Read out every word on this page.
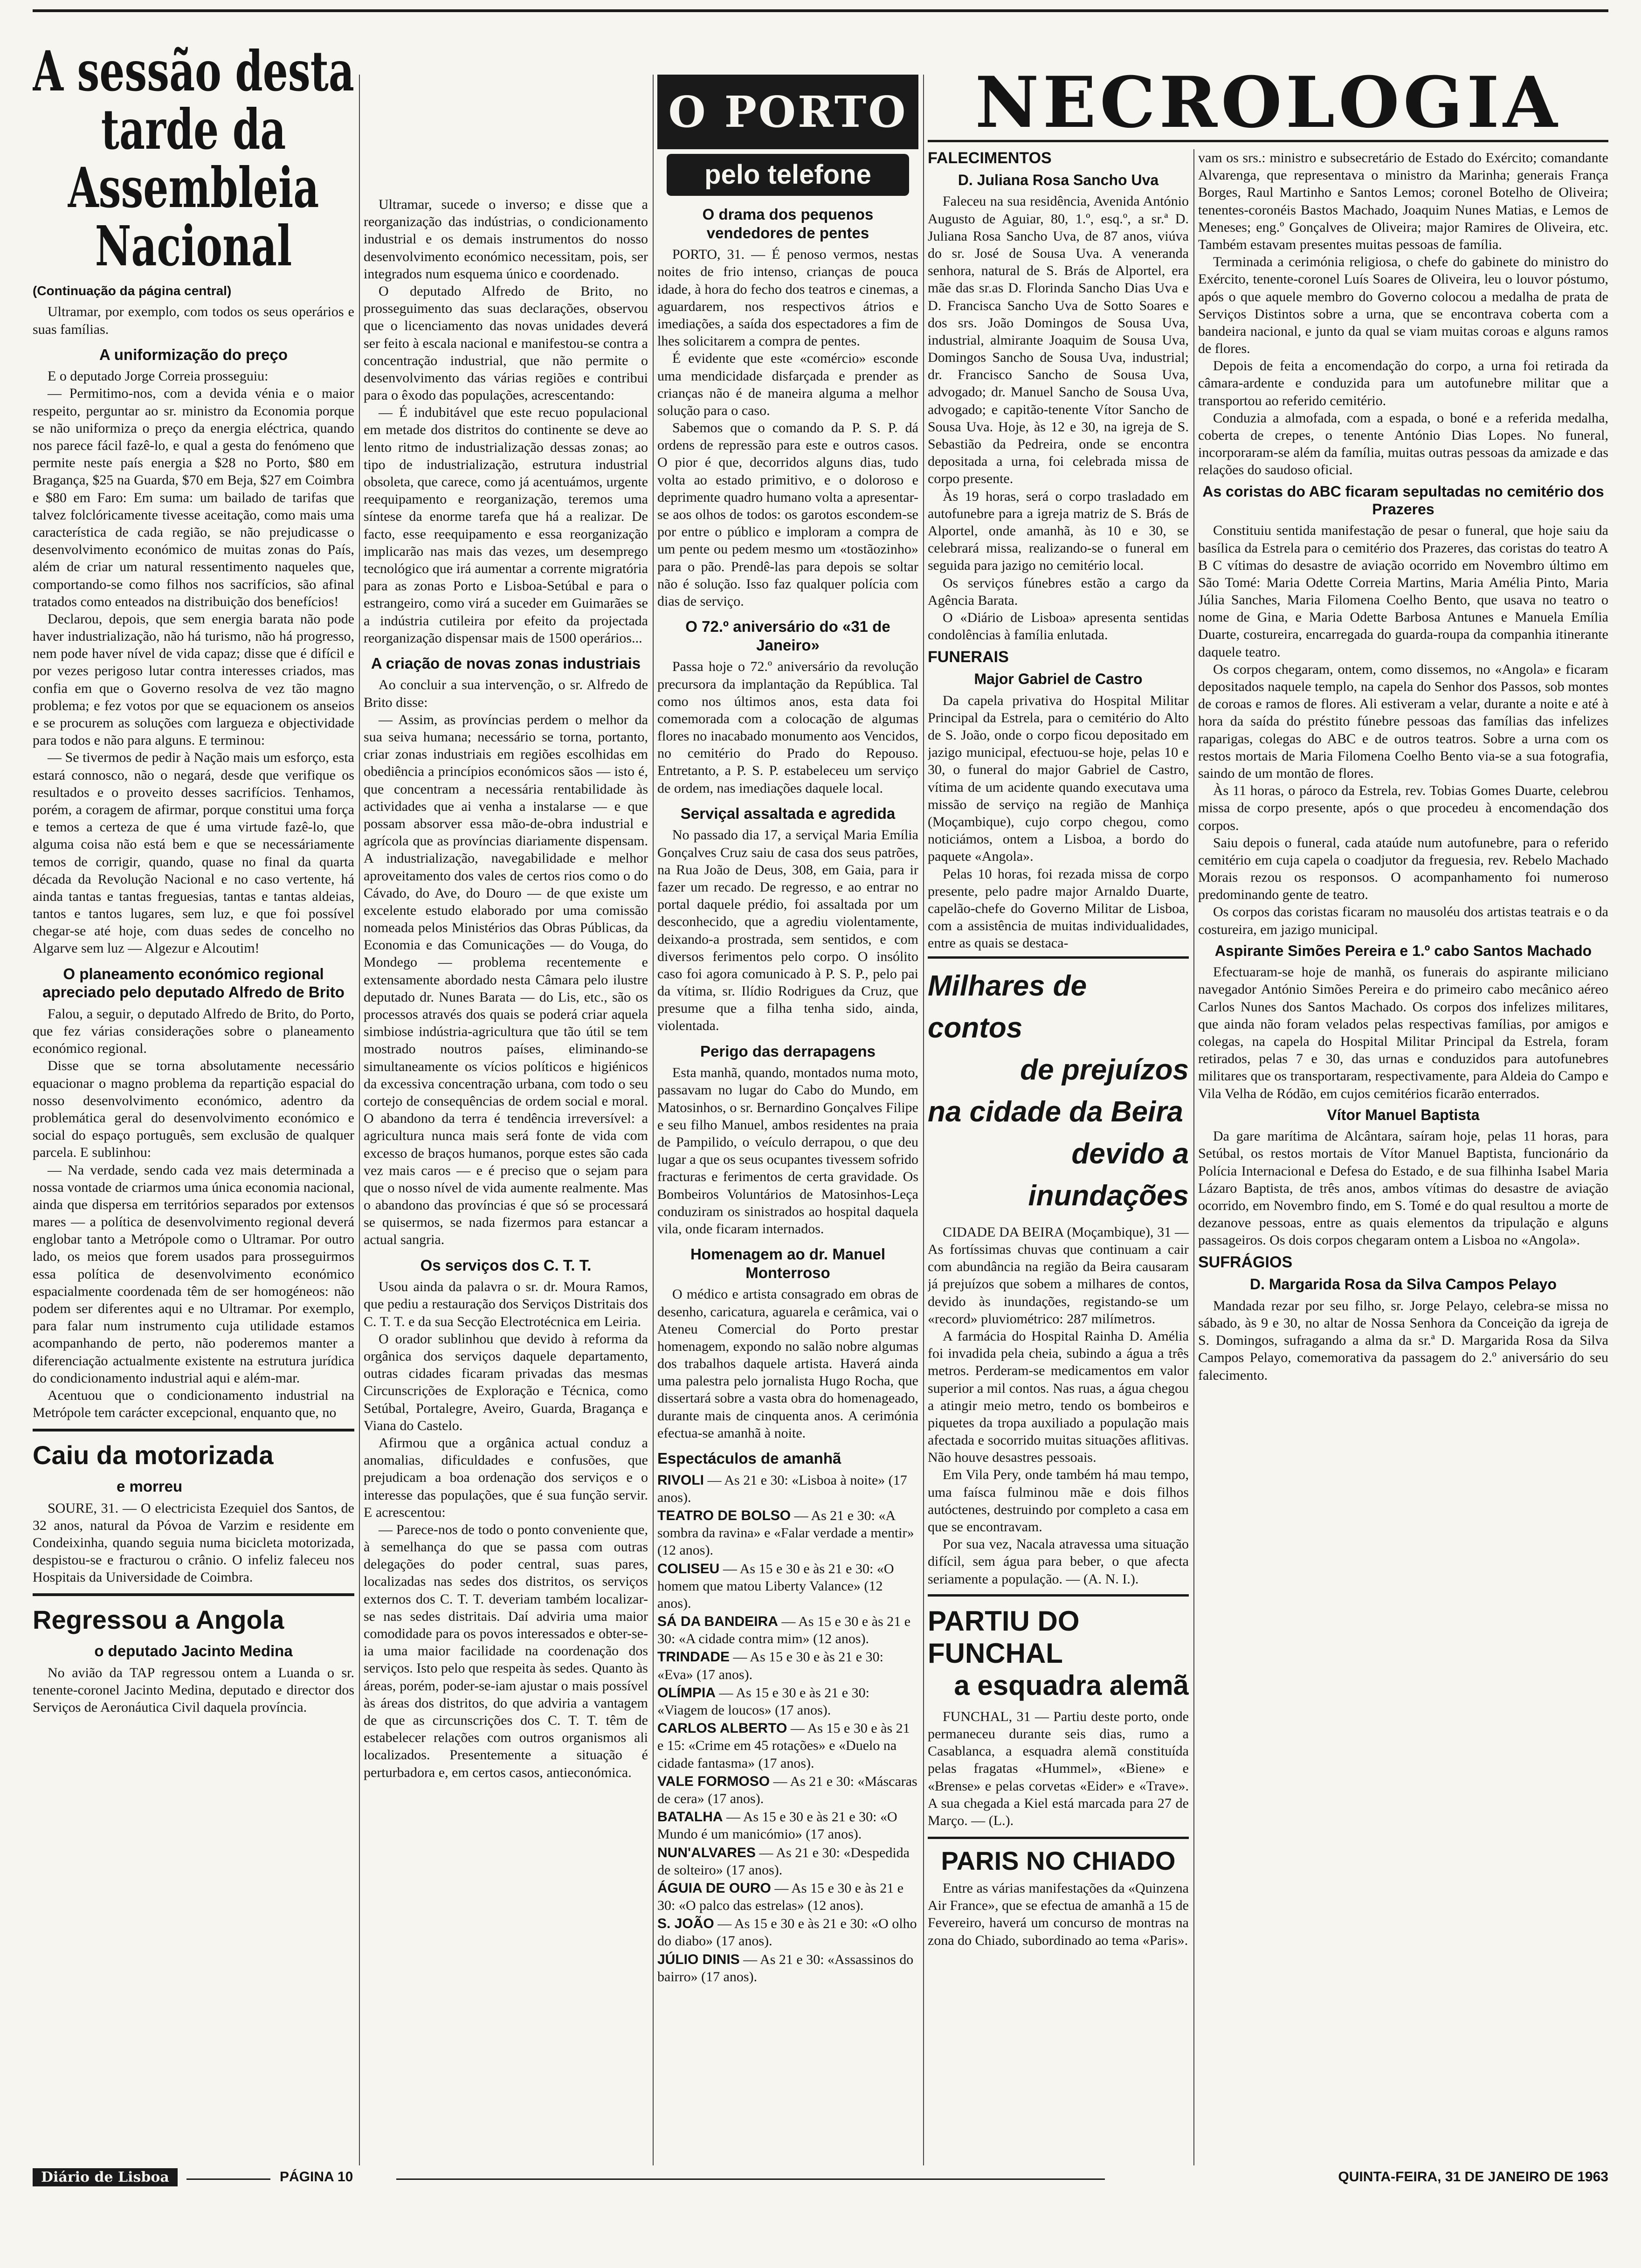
A sessão desta tarde da Assembleia Nacional
(Continuação da página central)

Ultramar, por exemplo, com todos os seus operários e suas famílias.

A uniformização do preço

E o deputado Jorge Correia prosseguiu:

— Permitimo-nos, com a devida vénia e o maior respeito, perguntar ao sr. ministro da Economia porque se não uniformiza o preço da energia eléctrica, quando nos parece fácil fazê-lo, e qual a gesta do fenómeno que permite neste país energia a $28 no Porto, $80 em Bragança, $25 na Guarda, $70 em Beja, $27 em Coimbra e $80 em Faro: Em suma: um bailado de tarifas que talvez folclóricamente tivesse aceitação, como mais uma característica de cada região, se não prejudicasse o desenvolvimento económico de muitas zonas do País, além de criar um natural ressentimento naqueles que, comportando-se como filhos nos sacrifícios, são afinal tratados como enteados na distribuição dos benefícios!

Declarou, depois, que sem energia barata não pode haver industrialização, não há turismo, não há progresso, nem pode haver nível de vida capaz; disse que é difícil e por vezes perigoso lutar contra interesses criados, mas confia em que o Governo resolva de vez tão magno problema; e fez votos por que se equacionem os anseios e se procurem as soluções com largueza e objectividade para todos e não para alguns. E terminou:

— Se tivermos de pedir à Nação mais um esforço, esta estará connosco, não o negará, desde que verifique os resultados e o proveito desses sacrifícios. Tenhamos, porém, a coragem de afirmar, porque constitui uma força e temos a certeza de que é uma virtude fazê-lo, que alguma coisa não está bem e que se necessáriamente temos de corrigir, quando, quase no final da quarta década da Revolução Nacional e no caso vertente, há ainda tantas e tantas freguesias, tantas e tantas aldeias, tantos e tantos lugares, sem luz, e que foi possível chegar-se até hoje, com duas sedes de concelho no Algarve sem luz — Algezur e Alcoutim!

O planeamento económico regional apreciado pelo deputado Alfredo de Brito

Falou, a seguir, o deputado Alfredo de Brito, do Porto, que fez várias considerações sobre o planeamento económico regional.

Disse que se torna absolutamente necessário equacionar o magno problema da repartição espacial do nosso desenvolvimento económico, adentro da problemática geral do desenvolvimento económico e social do espaço português, sem exclusão de qualquer parcela. E sublinhou:

— Na verdade, sendo cada vez mais determinada a nossa vontade de criarmos uma única economia nacional, ainda que dispersa em territórios separados por extensos mares — a política de desenvolvimento regional deverá englobar tanto a Metrópole como o Ultramar. Por outro lado, os meios que forem usados para prosseguirmos essa política de desenvolvimento económico espacialmente coordenada têm de ser homogéneos: não podem ser diferentes aqui e no Ultramar. Por exemplo, para falar num instrumento cuja utilidade estamos acompanhando de perto, não poderemos manter a diferenciação actualmente existente na estrutura jurídica do condicionamento industrial aqui e além-mar.

Acentuou que o condicionamento industrial na Metrópole tem carácter excepcional, enquanto que, no

Caiu da motorizada
e morreu

SOURE, 31. — O electricista Ezequiel dos Santos, de 32 anos, natural da Póvoa de Varzim e residente em Condeixinha, quando seguia numa bicicleta motorizada, despistou-se e fracturou o crânio. O infeliz faleceu nos Hospitais da Universidade de Coimbra.

Regressou a Angola
o deputado Jacinto Medina

No avião da TAP regressou ontem a Luanda o sr. tenente-coronel Jacinto Medina, deputado e director dos Serviços de Aeronáutica Civil daquela província.

Ultramar, sucede o inverso; e disse que a reorganização das indústrias, o condicionamento industrial e os demais instrumentos do nosso desenvolvimento económico necessitam, pois, ser integrados num esquema único e coordenado.

O deputado Alfredo de Brito, no prosseguimento das suas declarações, observou que o licenciamento das novas unidades deverá ser feito à escala nacional e manifestou-se contra a concentração industrial, que não permite o desenvolvimento das várias regiões e contribui para o êxodo das populações, acrescentando:

— É indubitável que este recuo populacional em metade dos distritos do continente se deve ao lento ritmo de industrialização dessas zonas; ao tipo de industrialização, estrutura industrial obsoleta, que carece, como já acentuámos, urgente reequipamento e reorganização, teremos uma síntese da enorme tarefa que há a realizar. De facto, esse reequipamento e essa reorganização implicarão nas mais das vezes, um desemprego tecnológico que irá aumentar a corrente migratória para as zonas Porto e Lisboa-Setúbal e para o estrangeiro, como virá a suceder em Guimarães se a indústria cutileira por efeito da projectada reorganização dispensar mais de 1500 operários...

A criação de novas zonas industriais

Ao concluir a sua intervenção, o sr. Alfredo de Brito disse:

— Assim, as províncias perdem o melhor da sua seiva humana; necessário se torna, portanto, criar zonas industriais em regiões escolhidas em obediência a princípios económicos sãos — isto é, que concentram a necessária rentabilidade às actividades que ai venha a instalarse — e que possam absorver essa mão-de-obra industrial e agrícola que as províncias diariamente dispensam. A industrialização, navegabilidade e melhor aproveitamento dos vales de certos rios como o do Cávado, do Ave, do Douro — de que existe um excelente estudo elaborado por uma comissão nomeada pelos Ministérios das Obras Públicas, da Economia e das Comunicações — do Vouga, do Mondego — problema recentemente e extensamente abordado nesta Câmara pelo ilustre deputado dr. Nunes Barata — do Lis, etc., são os processos através dos quais se poderá criar aquela simbiose indústria-agricultura que tão útil se tem mostrado noutros países, eliminando-se simultaneamente os vícios políticos e higiénicos da excessiva concentração urbana, com todo o seu cortejo de consequências de ordem social e moral. O abandono da terra é tendência irreversível: a agricultura nunca mais será fonte de vida com excesso de braços humanos, porque estes são cada vez mais caros — e é preciso que o sejam para que o nosso nível de vida aumente realmente. Mas o abandono das províncias é que só se processará se quisermos, se nada fizermos para estancar a actual sangria.

Os serviços dos C. T. T.

Usou ainda da palavra o sr. dr. Moura Ramos, que pediu a restauração dos Serviços Distritais dos C. T. T. e da sua Secção Electrotécnica em Leiria.

O orador sublinhou que devido à reforma da orgânica dos serviços daquele departamento, outras cidades ficaram privadas das mesmas Circunscrições de Exploração e Técnica, como Setúbal, Portalegre, Aveiro, Guarda, Bragança e Viana do Castelo.

Afirmou que a orgânica actual conduz a anomalias, dificuldades e confusões, que prejudicam a boa ordenação dos serviços e o interesse das populações, que é sua função servir. E acrescentou:

— Parece-nos de todo o ponto conveniente que, à semelhança do que se passa com outras delegações do poder central, suas pares, localizadas nas sedes dos distritos, os serviços externos dos C. T. T. deveriam também localizar-se nas sedes distritais. Daí adviria uma maior comodidade para os povos interessados e obter-se-ia uma maior facilidade na coordenação dos serviços. Isto pelo que respeita às sedes. Quanto às áreas, porém, poder-se-iam ajustar o mais possível às áreas dos distritos, do que adviria a vantagem de que as circunscrições dos C. T. T. têm de estabelecer relações com outros organismos ali localizados. Presentemente a situação é perturbadora e, em certos casos, antieconómica.

O PORTO
pelo telefone
O drama dos pequenos vendedores de pentes

PORTO, 31. — É penoso vermos, nestas noites de frio intenso, crianças de pouca idade, à hora do fecho dos teatros e cinemas, a aguardarem, nos respectivos átrios e imediações, a saída dos espectadores a fim de lhes solicitarem a compra de pentes.

É evidente que este «comércio» esconde uma mendicidade disfarçada e prender as crianças não é de maneira alguma a melhor solução para o caso.

Sabemos que o comando da P. S. P. dá ordens de repressão para este e outros casos. O pior é que, decorridos alguns dias, tudo volta ao estado primitivo, e o doloroso e deprimente quadro humano volta a apresentar-se aos olhos de todos: os garotos escondem-se por entre o público e imploram a compra de um pente ou pedem mesmo um «tostãozinho» para o pão. Prendê-las para depois se soltar não é solução. Isso faz qualquer polícia com dias de serviço.

O 72.º aniversário do «31 de Janeiro»

Passa hoje o 72.º aniversário da revolução precursora da implantação da República. Tal como nos últimos anos, esta data foi comemorada com a colocação de algumas flores no inacabado monumento aos Vencidos, no cemitério do Prado do Repouso. Entretanto, a P. S. P. estabeleceu um serviço de ordem, nas imediações daquele local.

Serviçal assaltada e agredida

No passado dia 17, a serviçal Maria Emília Gonçalves Cruz saiu de casa dos seus patrões, na Rua João de Deus, 308, em Gaia, para ir fazer um recado. De regresso, e ao entrar no portal daquele prédio, foi assaltada por um desconhecido, que a agrediu violentamente, deixando-a prostrada, sem sentidos, e com diversos ferimentos pelo corpo. O insólito caso foi agora comunicado à P. S. P., pelo pai da vítima, sr. Ilídio Rodrigues da Cruz, que presume que a filha tenha sido, ainda, violentada.

Perigo das derrapagens

Esta manhã, quando, montados numa moto, passavam no lugar do Cabo do Mundo, em Matosinhos, o sr. Bernardino Gonçalves Filipe e seu filho Manuel, ambos residentes na praia de Pampilido, o veículo derrapou, o que deu lugar a que os seus ocupantes tivessem sofrido fracturas e ferimentos de certa gravidade. Os Bombeiros Voluntários de Matosinhos-Leça conduziram os sinistrados ao hospital daquela vila, onde ficaram internados.

Homenagem ao dr. Manuel Monterroso

O médico e artista consagrado em obras de desenho, caricatura, aguarela e cerâmica, vai o Ateneu Comercial do Porto prestar homenagem, expondo no salão nobre algumas dos trabalhos daquele artista. Haverá ainda uma palestra pelo jornalista Hugo Rocha, que dissertará sobre a vasta obra do homenageado, durante mais de cinquenta anos. A cerimónia efectua-se amanhã à noite.

Espectáculos de amanhã
RIVOLI — As 21 e 30: «Lisboa à noite» (17 anos).
TEATRO DE BOLSO — As 21 e 30: «A sombra da ravina» e «Falar verdade a mentir» (12 anos).
COLISEU — As 15 e 30 e às 21 e 30: «O homem que matou Liberty Valance» (12 anos).
SÁ DA BANDEIRA — As 15 e 30 e às 21 e 30: «A cidade contra mim» (12 anos).
TRINDADE — As 15 e 30 e às 21 e 30: «Eva» (17 anos).
OLÍMPIA — As 15 e 30 e às 21 e 30: «Viagem de loucos» (17 anos).
CARLOS ALBERTO — As 15 e 30 e às 21 e 15: «Crime em 45 rotações» e «Duelo na cidade fantasma» (17 anos).
VALE FORMOSO — As 21 e 30: «Máscaras de cera» (17 anos).
BATALHA — As 15 e 30 e às 21 e 30: «O Mundo é um manicómio» (17 anos).
NUN'ALVARES — As 21 e 30: «Despedida de solteiro» (17 anos).
ÁGUIA DE OURO — As 15 e 30 e às 21 e 30: «O palco das estrelas» (12 anos).
S. JOÃO — As 15 e 30 e às 21 e 30: «O olho do diabo» (17 anos).
JÚLIO DINIS — As 21 e 30: «Assassinos do bairro» (17 anos).
NECROLOGIA
FALECIMENTOS
D. Juliana Rosa Sancho Uva

Faleceu na sua residência, Avenida António Augusto de Aguiar, 80, 1.º, esq.º, a sr.ª D. Juliana Rosa Sancho Uva, de 87 anos, viúva do sr. José de Sousa Uva. A veneranda senhora, natural de S. Brás de Alportel, era mãe das sr.as D. Florinda Sancho Dias Uva e D. Francisca Sancho Uva de Sotto Soares e dos srs. João Domingos de Sousa Uva, industrial, almirante Joaquim de Sousa Uva, Domingos Sancho de Sousa Uva, industrial; dr. Francisco Sancho de Sousa Uva, advogado; dr. Manuel Sancho de Sousa Uva, advogado; e capitão-tenente Vítor Sancho de Sousa Uva. Hoje, às 12 e 30, na igreja de S. Sebastião da Pedreira, onde se encontra depositada a urna, foi celebrada missa de corpo presente.

Às 19 horas, será o corpo trasladado em autofunebre para a igreja matriz de S. Brás de Alportel, onde amanhã, às 10 e 30, se celebrará missa, realizando-se o funeral em seguida para jazigo no cemitério local.

Os serviços fúnebres estão a cargo da Agência Barata.

O «Diário de Lisboa» apresenta sentidas condolências à família enlutada.

FUNERAIS
Major Gabriel de Castro

Da capela privativa do Hospital Militar Principal da Estrela, para o cemitério do Alto de S. João, onde o corpo ficou depositado em jazigo municipal, efectuou-se hoje, pelas 10 e 30, o funeral do major Gabriel de Castro, vítima de um acidente quando executava uma missão de serviço na região de Manhiça (Moçambique), cujo corpo chegou, como noticiámos, ontem a Lisboa, a bordo do paquete «Angola».

Pelas 10 horas, foi rezada missa de corpo presente, pelo padre major Arnaldo Duarte, capelão-chefe do Governo Militar de Lisboa, com a assistência de muitas individualidades, entre as quais se destaca-

Milhares de contos
de prejuízos
na cidade da Beira
devido a inundações

CIDADE DA BEIRA (Moçambique), 31 — As fortíssimas chuvas que continuam a cair com abundância na região da Beira causaram já prejuízos que sobem a milhares de contos, devido às inundações, registando-se um «record» pluviométrico: 287 milímetros.

A farmácia do Hospital Rainha D. Amélia foi invadida pela cheia, subindo a água a três metros. Perderam-se medicamentos em valor superior a mil contos. Nas ruas, a água chegou a atingir meio metro, tendo os bombeiros e piquetes da tropa auxiliado a população mais afectada e socorrido muitas situações aflitivas. Não houve desastres pessoais.

Em Vila Pery, onde também há mau tempo, uma faísca fulminou mãe e dois filhos autóctenes, destruindo por completo a casa em que se encontravam.

Por sua vez, Nacala atravessa uma situação difícil, sem água para beber, o que afecta seriamente a população. — (A. N. I.).

PARTIU DO FUNCHAL
a esquadra alemã

FUNCHAL, 31 — Partiu deste porto, onde permaneceu durante seis dias, rumo a Casablanca, a esquadra alemã constituída pelas fragatas «Hummel», «Biene» e «Brense» e pelas corvetas «Eider» e «Trave». A sua chegada a Kiel está marcada para 27 de Março. — (L.).

PARIS NO CHIADO

Entre as várias manifestações da «Quinzena Air France», que se efectua de amanhã a 15 de Fevereiro, haverá um concurso de montras na zona do Chiado, subordinado ao tema «Paris».

vam os srs.: ministro e subsecretário de Estado do Exército; comandante Alvarenga, que representava o ministro da Marinha; generais França Borges, Raul Martinho e Santos Lemos; coronel Botelho de Oliveira; tenentes-coronéis Bastos Machado, Joaquim Nunes Matias, e Lemos de Meneses; eng.º Gonçalves de Oliveira; major Ramires de Oliveira, etc. Também estavam presentes muitas pessoas de família.

Terminada a cerimónia religiosa, o chefe do gabinete do ministro do Exército, tenente-coronel Luís Soares de Oliveira, leu o louvor póstumo, após o que aquele membro do Governo colocou a medalha de prata de Serviços Distintos sobre a urna, que se encontrava coberta com a bandeira nacional, e junto da qual se viam muitas coroas e alguns ramos de flores.

Depois de feita a encomendação do corpo, a urna foi retirada da câmara-ardente e conduzida para um autofunebre militar que a transportou ao referido cemitério.

Conduzia a almofada, com a espada, o boné e a referida medalha, coberta de crepes, o tenente António Dias Lopes. No funeral, incorporaram-se além da família, muitas outras pessoas da amizade e das relações do saudoso oficial.

As coristas do ABC ficaram sepultadas no cemitério dos Prazeres

Constituiu sentida manifestação de pesar o funeral, que hoje saiu da basílica da Estrela para o cemitério dos Prazeres, das coristas do teatro A B C vítimas do desastre de aviação ocorrido em Novembro último em São Tomé: Maria Odette Correia Martins, Maria Amélia Pinto, Maria Júlia Sanches, Maria Filomena Coelho Bento, que usava no teatro o nome de Gina, e Maria Odette Barbosa Antunes e Manuela Emília Duarte, costureira, encarregada do guarda-roupa da companhia itinerante daquele teatro.

Os corpos chegaram, ontem, como dissemos, no «Angola» e ficaram depositados naquele templo, na capela do Senhor dos Passos, sob montes de coroas e ramos de flores. Ali estiveram a velar, durante a noite e até à hora da saída do préstito fúnebre pessoas das famílias das infelizes raparigas, colegas do ABC e de outros teatros. Sobre a urna com os restos mortais de Maria Filomena Coelho Bento via-se a sua fotografia, saindo de um montão de flores.

Às 11 horas, o pároco da Estrela, rev. Tobias Gomes Duarte, celebrou missa de corpo presente, após o que procedeu à encomendação dos corpos.

Saiu depois o funeral, cada ataúde num autofunebre, para o referido cemitério em cuja capela o coadjutor da freguesia, rev. Rebelo Machado Morais rezou os responsos. O acompanhamento foi numeroso predominando gente de teatro.

Os corpos das coristas ficaram no mausoléu dos artistas teatrais e o da costureira, em jazigo municipal.

Aspirante Simões Pereira e 1.º cabo Santos Machado

Efectuaram-se hoje de manhã, os funerais do aspirante miliciano navegador António Simões Pereira e do primeiro cabo mecânico aéreo Carlos Nunes dos Santos Machado. Os corpos dos infelizes militares, que ainda não foram velados pelas respectivas famílias, por amigos e colegas, na capela do Hospital Militar Principal da Estrela, foram retirados, pelas 7 e 30, das urnas e conduzidos para autofunebres militares que os transportaram, respectivamente, para Aldeia do Campo e Vila Velha de Ródão, em cujos cemitérios ficarão enterrados.

Vítor Manuel Baptista

Da gare marítima de Alcântara, saíram hoje, pelas 11 horas, para Setúbal, os restos mortais de Vítor Manuel Baptista, funcionário da Polícia Internacional e Defesa do Estado, e de sua filhinha Isabel Maria Lázaro Baptista, de três anos, ambos vítimas do desastre de aviação ocorrido, em Novembro findo, em S. Tomé e do qual resultou a morte de dezanove pessoas, entre as quais elementos da tripulação e alguns passageiros. Os dois corpos chegaram ontem a Lisboa no «Angola».

SUFRÁGIOS
D. Margarida Rosa da Silva Campos Pelayo

Mandada rezar por seu filho, sr. Jorge Pelayo, celebra-se missa no sábado, às 9 e 30, no altar de Nossa Senhora da Conceição da igreja de S. Domingos, sufragando a alma da sr.ª D. Margarida Rosa da Silva Campos Pelayo, comemorativa da passagem do 2.º aniversário do seu falecimento.

Diário de Lisboa	PÁGINA 10	QUINTA-FEIRA, 31 DE JANEIRO DE 1963
